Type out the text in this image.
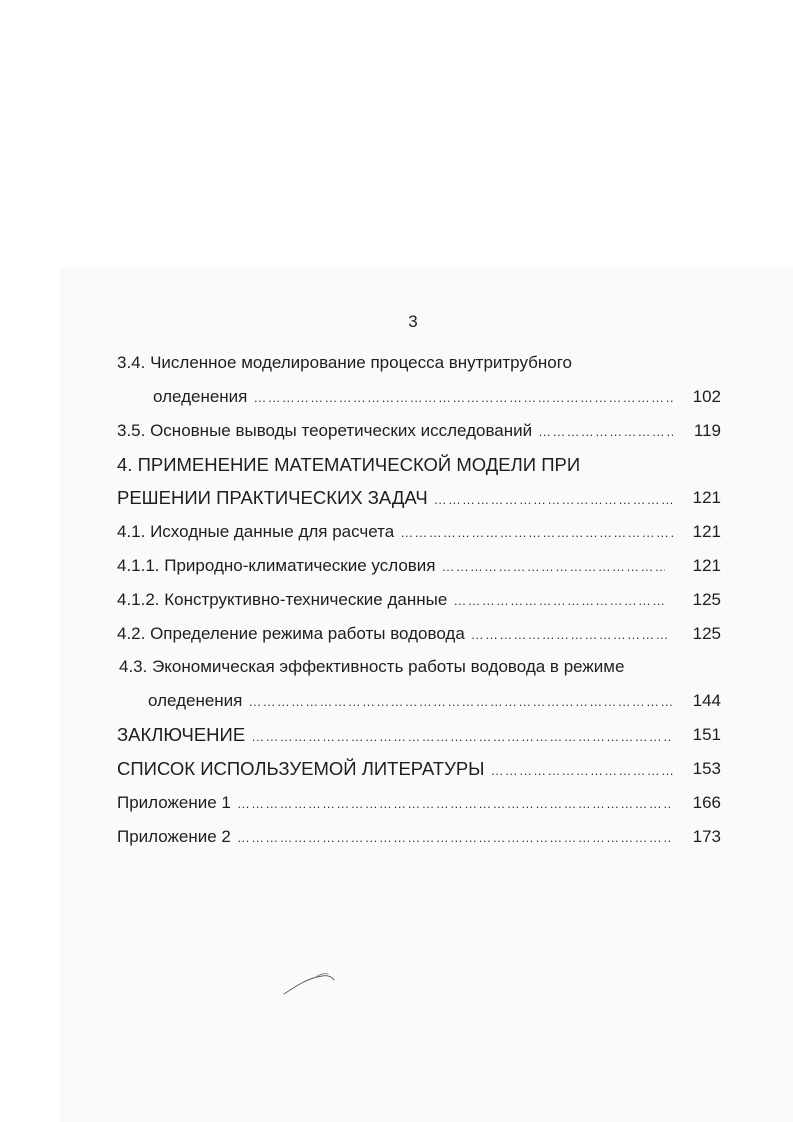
3
3.4. Численное моделирование процесса внутритрубного
оледенения …………………………………………………………………………………………………………………………………………………………………………	102
3.5. Основные выводы теоретических исследований …………………………………………………………………………………………………………………………………………………………………………	119
4. ПРИМЕНЕНИЕ МАТЕМАТИЧЕСКОЙ МОДЕЛИ ПРИ
РЕШЕНИИ ПРАКТИЧЕСКИХ ЗАДАЧ …………………………………………………………………………………………………………………………………………………………………………	121
4.1. Исходные данные для расчета …………………………………………………………………………………………………………………………………………………………………………	121
4.1.1. Природно-климатические условия …………………………………………………………………………………………………………………………………………………………………………	121
4.1.2. Конструктивно-технические данные …………………………………………………………………………………………………………………………………………………………………………	125
4.2. Определение режима работы водовода …………………………………………………………………………………………………………………………………………………………………………	125
4.3. Экономическая эффективность работы водовода в режиме
оледенения …………………………………………………………………………………………………………………………………………………………………………	144
ЗАКЛЮЧЕНИЕ …………………………………………………………………………………………………………………………………………………………………………	151
СПИСОК ИСПОЛЬЗУЕМОЙ ЛИТЕРАТУРЫ …………………………………………………………………………………………………………………………………………………………………………	153
Приложение 1 …………………………………………………………………………………………………………………………………………………………………………	166
Приложение 2 …………………………………………………………………………………………………………………………………………………………………………	173
